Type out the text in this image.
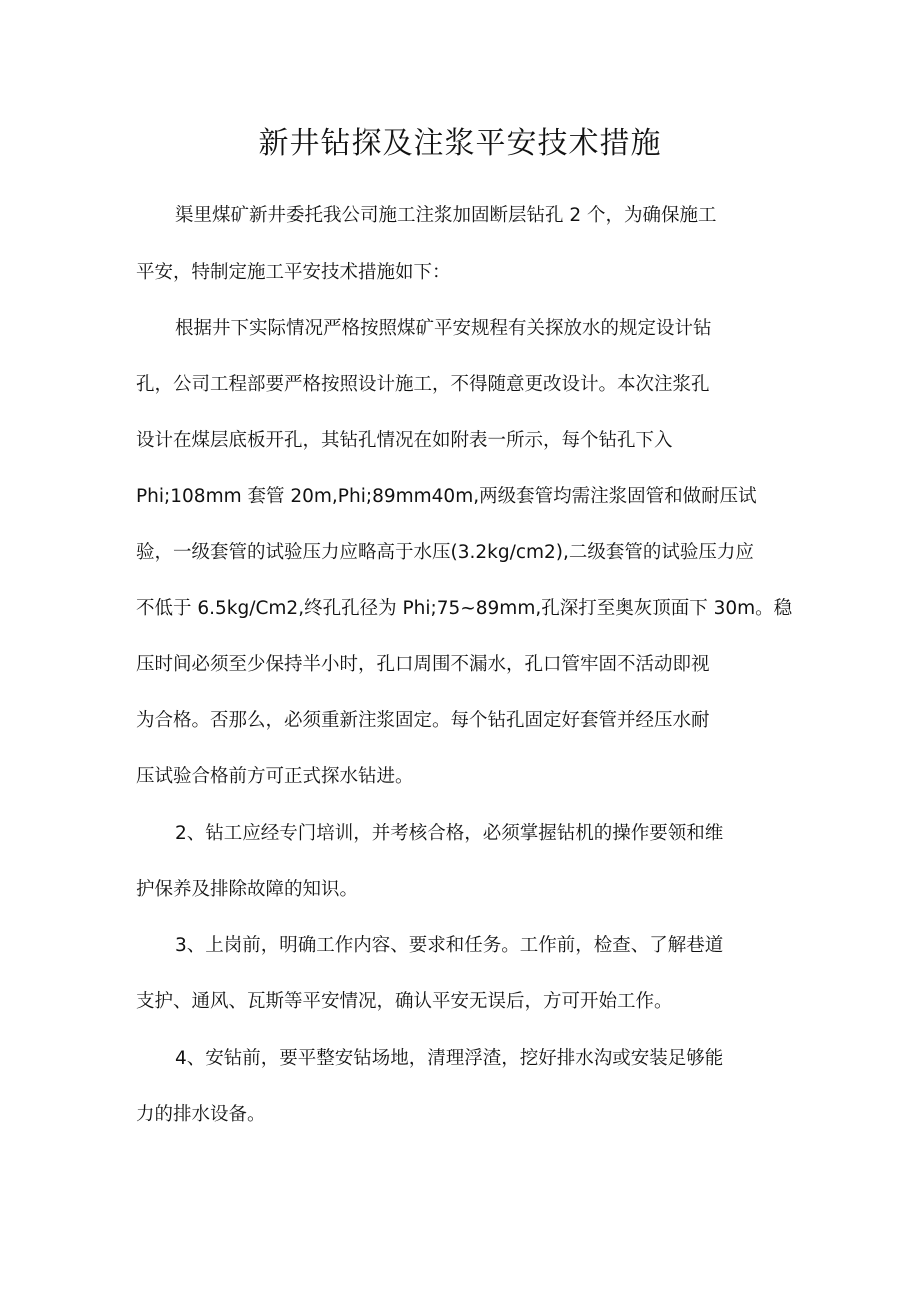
新井钻探及注浆平安技术措施
渠里煤矿新井委托我公司施工注浆加固断层钻孔 2 个，为确保施工
平安，特制定施工平安技术措施如下：
根据井下实际情况严格按照煤矿平安规程有关探放水的规定设计钻
孔，公司工程部要严格按照设计施工，不得随意更改设计。本次注浆孔
设计在煤层底板开孔，其钻孔情况在如附表一所示，每个钻孔下入
Phi;108mm 套管 20m,Phi;89mm40m,两级套管均需注浆固管和做耐压试
验，一级套管的试验压力应略高于水压(3.2kg∕cm2),二级套管的试验压力应
不低于 6.5kg∕Cm2,终孔孔径为 Phi;75~89mm,孔深打至奥灰顶面下 30m。稳
压时间必须至少保持半小时，孔口周围不漏水，孔口管牢固不活动即视
为合格。否那么，必须重新注浆固定。每个钻孔固定好套管并经压水耐
压试验合格前方可正式探水钻进。
2、钻工应经专门培训，并考核合格，必须掌握钻机的操作要领和维
护保养及排除故障的知识。
3、上岗前，明确工作内容、要求和任务。工作前，检查、了解巷道
支护、通风、瓦斯等平安情况，确认平安无误后，方可开始工作。
4、安钻前，要平整安钻场地，清理浮渣，挖好排水沟或安装足够能
力的排水设备。
